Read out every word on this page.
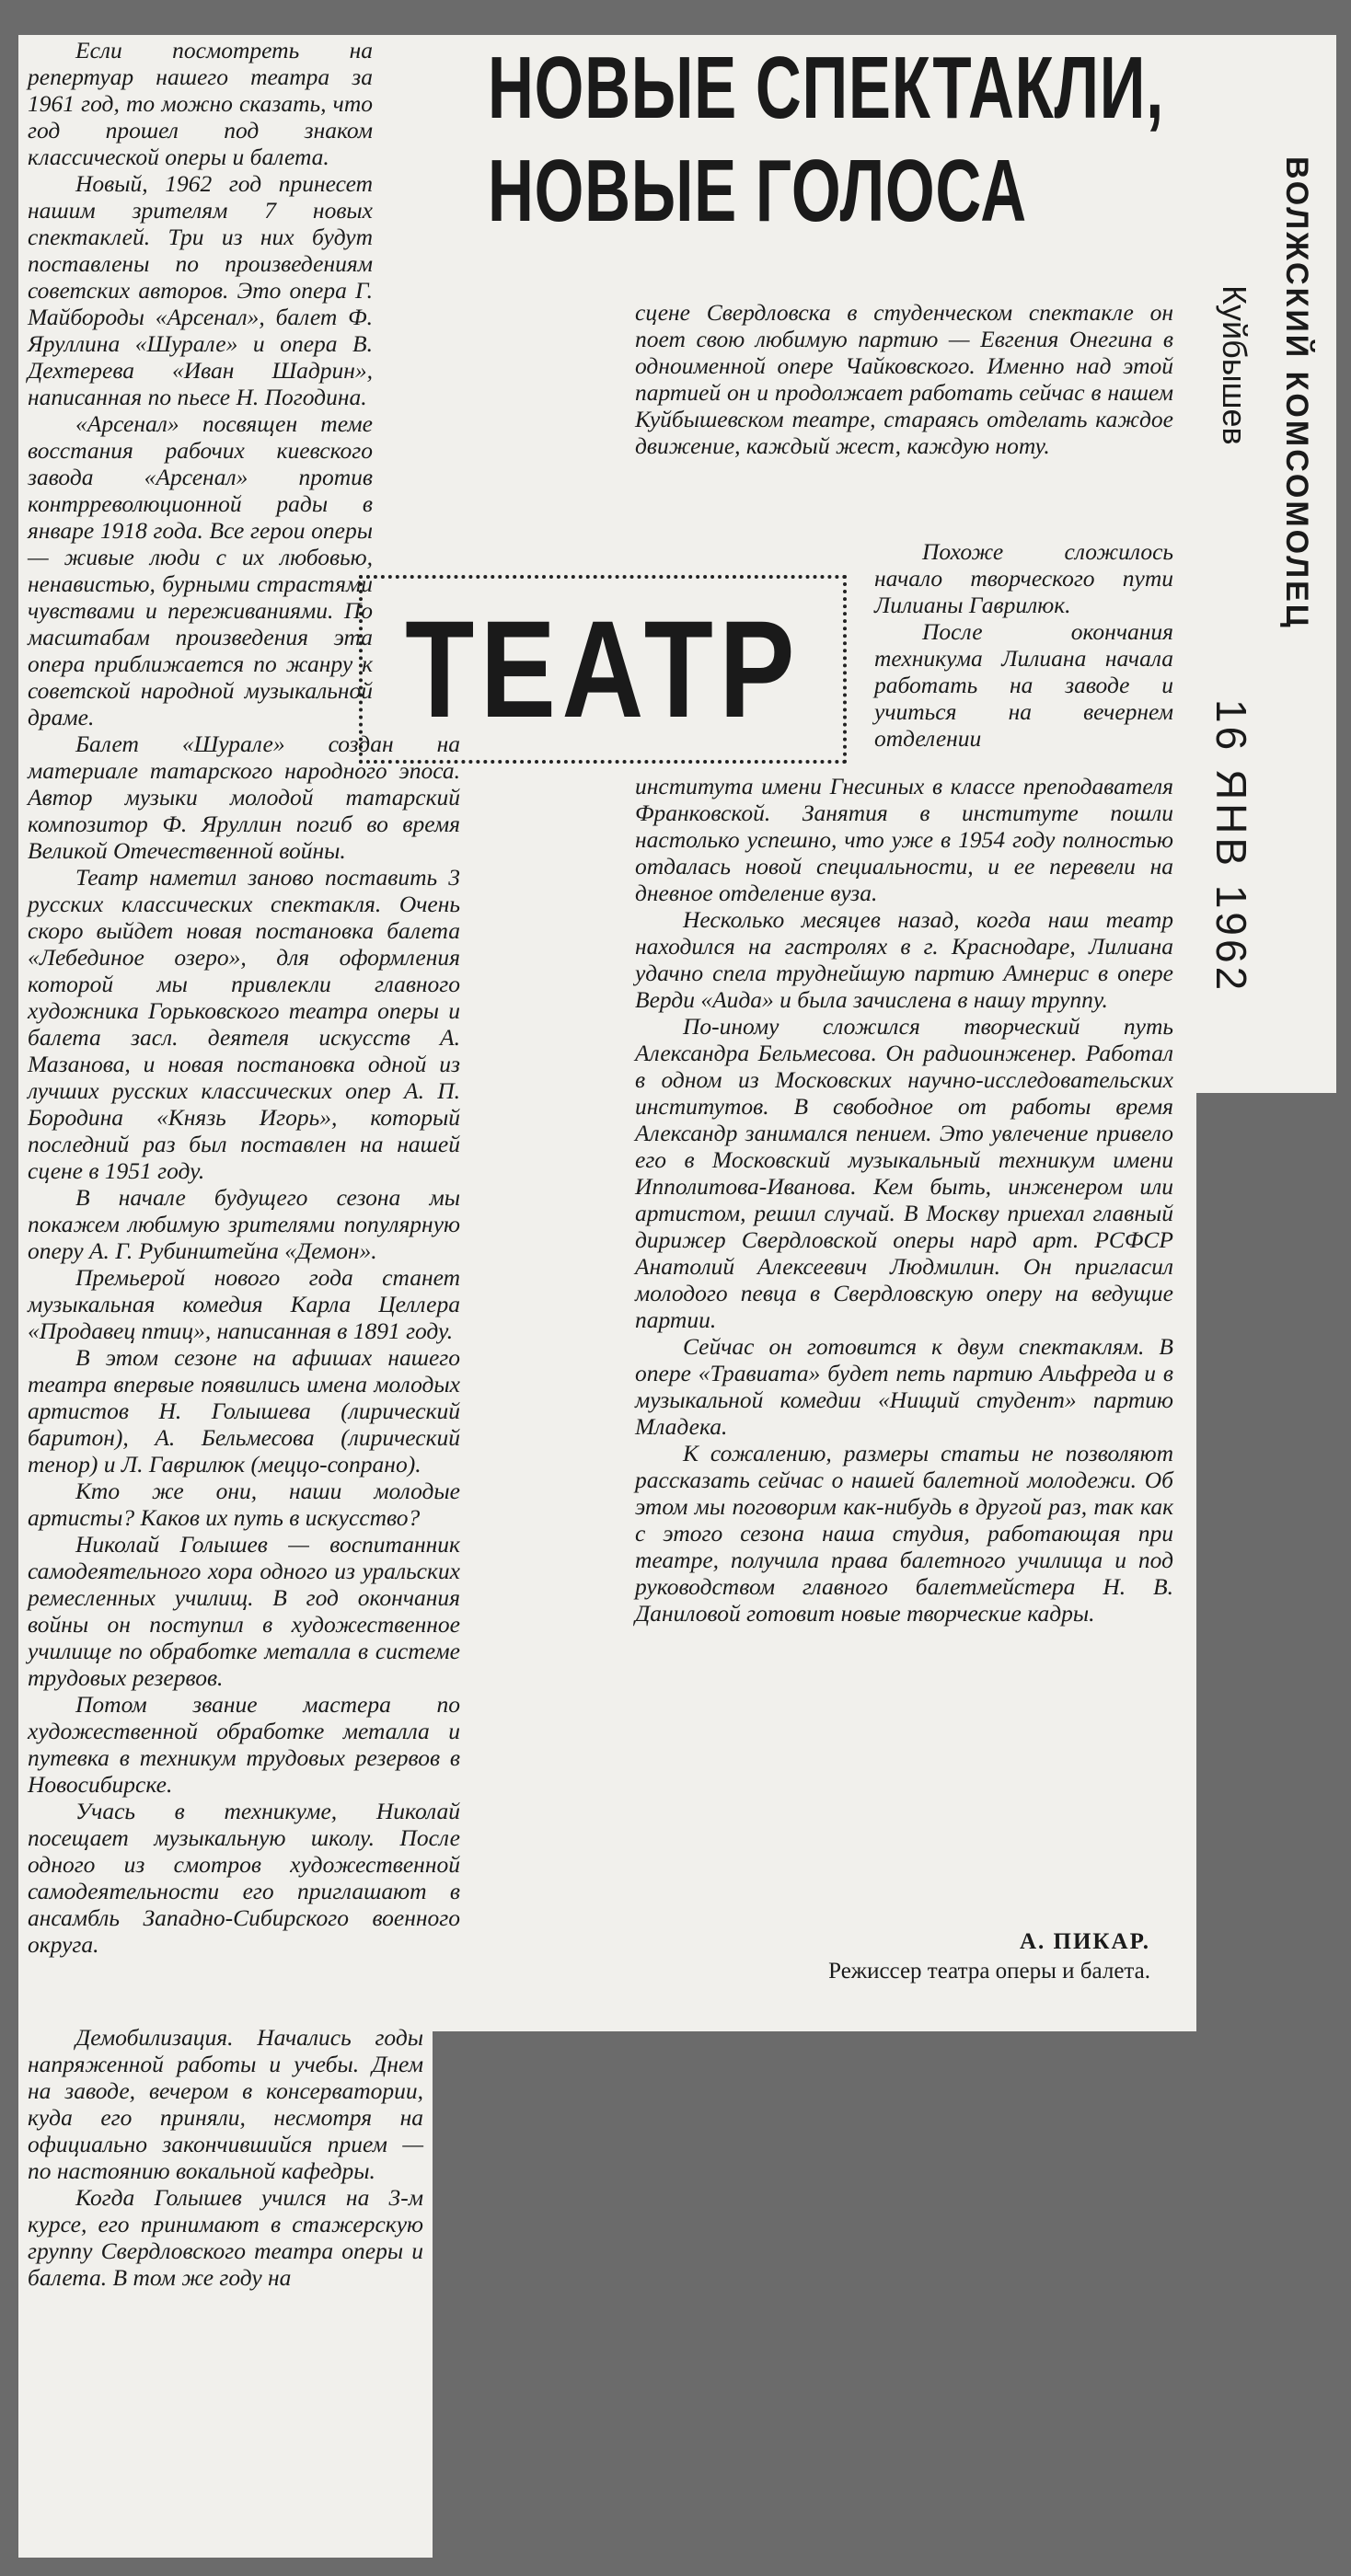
НОВЫЕ СПЕКТАКЛИ,
НОВЫЕ ГОЛОСА
ТЕАТР

Если посмотреть на репертуар нашего театра за 1961 год, то можно сказать, что год прошел под знаком классической оперы и балета.

Новый, 1962 год принесет нашим зрителям 7 новых спектаклей. Три из них будут поставлены по произведениям советских авторов. Это опера Г. Майбороды «Арсенал», балет Ф. Яруллина «Шурале» и опера В. Дехтерева «Иван Шадрин», написанная по пьесе Н. Погодина.

«Арсенал» посвящен теме восстания рабочих киевского завода «Арсенал» против контрреволюционной рады в январе 1918 года. Все герои оперы — живые люди с их любовью, ненавистью, бурными страстями чувствами и переживаниями. По масштабам произведения эта опера приближается по жанру к советской народной музыкальной драме.

Балет «Шурале» создан на материале татарского народного эпоса. Автор музыки молодой татарский композитор Ф. Яруллин погиб во время Великой Отечественной войны.

Театр наметил заново поставить 3 русских классических спектакля. Очень скоро выйдет новая постановка балета «Лебединое озеро», для оформления которой мы привлекли главного художника Горьковского театра оперы и балета засл. деятеля искусств А. Мазанова, и новая постановка одной из лучших русских классических опер А. П. Бородина «Князь Игорь», который последний раз был поставлен на нашей сцене в 1951 году.

В начале будущего сезона мы покажем любимую зрителями популярную оперу А. Г. Рубинштейна «Демон».

Премьерой нового года станет музыкальная комедия Карла Целлера «Продавец птиц», написанная в 1891 году.

В этом сезоне на афишах нашего театра впервые появились имена молодых артистов Н. Голышева (лирический баритон), А. Бельмесова (лирический тенор) и Л. Гаврилюк (меццо-сопрано).

Кто же они, наши молодые артисты? Каков их путь в искусство?

Николай Голышев — воспитанник самодеятельного хора одного из уральских ремесленных училищ. В год окончания войны он поступил в художественное училище по обработке металла в системе трудовых резервов.

Потом звание мастера по художественной обработке металла и путевка в техникум трудовых резервов в Новосибирске.

Учась в техникуме, Николай посещает музыкальную школу. После одного из смотров художественной самодеятельности его приглашают в ансамбль Западно-Сибирского военного округа.

Демобилизация. Начались годы напряженной работы и учебы. Днем на заводе, вечером в консерватории, куда его приняли, несмотря на официально закончившийся прием — по настоянию вокальной кафедры.

Когда Голышев учился на 3-м курсе, его принимают в стажерскую группу Свердловского театра оперы и балета. В том же году на

сцене Свердловска в студенческом спектакле он поет свою любимую партию — Евгения Онегина в одноименной опере Чайковского. Именно над этой партией он и продолжает работать сейчас в нашем Куйбышевском театре, стараясь отделать каждое движение, каждый жест, каждую ноту.

Похоже сложилось начало творческого пути Лилианы Гаврилюк.

После окончания техникума Лилиана начала работать на заводе и учиться на вечернем отделении

института имени Гнесиных в классе преподавателя Франковской. Занятия в институте пошли настолько успешно, что уже в 1954 году полностью отдалась новой специальности, и ее перевели на дневное отделение вуза.

Несколько месяцев назад, когда наш театр находился на гастролях в г. Краснодаре, Лилиана удачно спела труднейшую партию Амнерис в опере Верди «Аида» и была зачислена в нашу труппу.

По-иному сложился творческий путь Александра Бельмесова. Он радиоинженер. Работал в одном из Московских научно-исследовательских институтов. В свободное от работы время Александр занимался пением. Это увлечение привело его в Московский музыкальный техникум имени Ипполитова-Иванова. Кем быть, инженером или артистом, решил случай. В Москву приехал главный дирижер Свердловской оперы нард арт. РСФСР Анатолий Алексеевич Людмилин. Он пригласил молодого певца в Свердловскую оперу на ведущие партии.

Сейчас он готовится к двум спектаклям. В опере «Травиата» будет петь партию Альфреда и в музыкальной комедии «Нищий студент» партию Младека.

К сожалению, размеры статьи не позволяют рассказать сейчас о нашей балетной молодежи. Об этом мы поговорим как-нибудь в другой раз, так как с этого сезона наша студия, работающая при театре, получила права балетного училища и под руководством главного балетмейстера Н. В. Даниловой готовит новые творческие кадры.

А. ПИКАР.
Режиссер театра оперы и балета.
ВОЛЖСКИЙ КОМСОМОЛЕЦ
Куйбышев
16 ЯНВ 1962
